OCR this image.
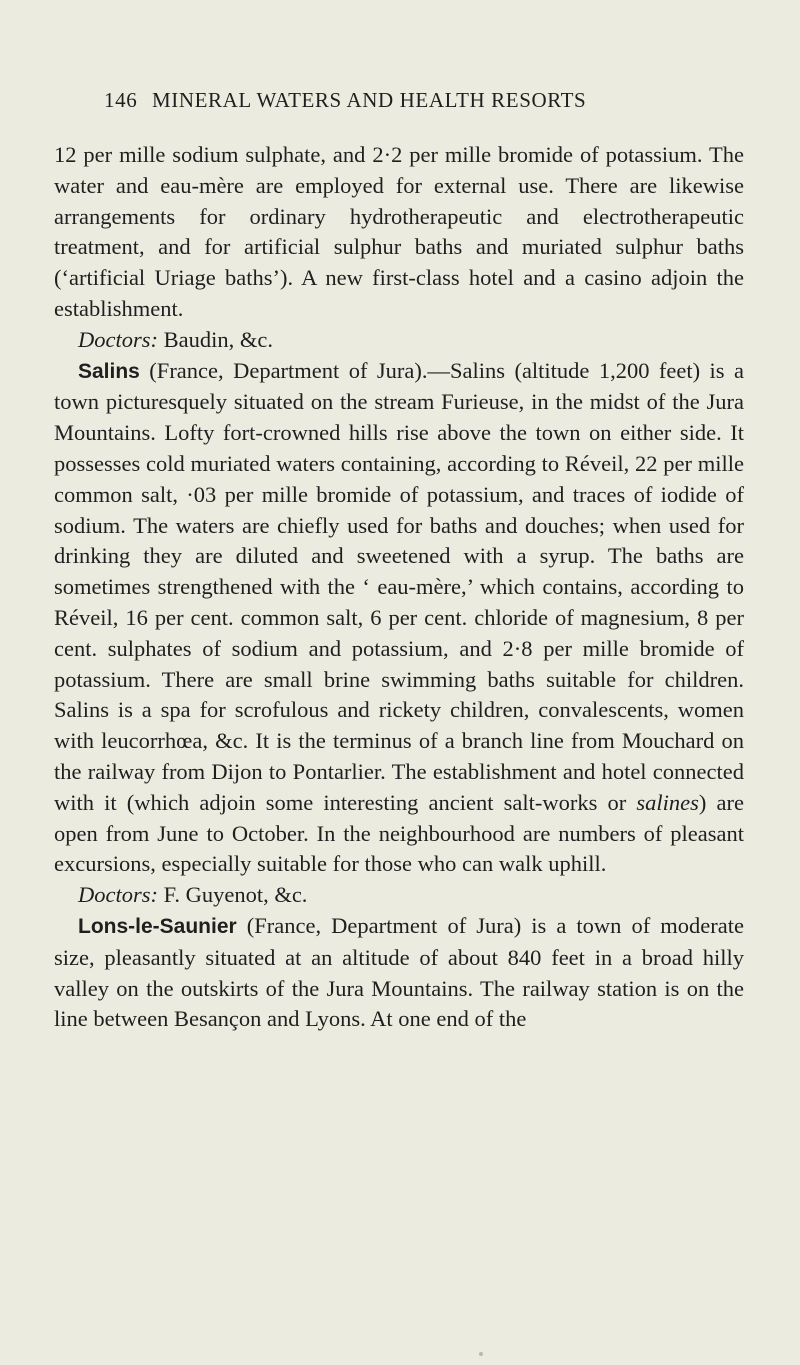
146 MINERAL WATERS AND HEALTH RESORTS

12 per mille sodium sulphate, and 2·2 per mille bromide of potassium. The water and eau-mère are employed for external use. There are likewise arrangements for ordinary hydrotherapeutic and electrotherapeutic treatment, and for artificial sulphur baths and muriated sulphur baths (‘artificial Uriage baths’). A new first-class hotel and a casino adjoin the establishment.

Doctors: Baudin, &c.

Salins (France, Department of Jura).—Salins (altitude 1,200 feet) is a town picturesquely situated on the stream Furieuse, in the midst of the Jura Mountains. Lofty fort-crowned hills rise above the town on either side. It possesses cold muriated waters containing, according to Réveil, 22 per mille common salt, ·03 per mille bromide of potassium, and traces of iodide of sodium. The waters are chiefly used for baths and douches; when used for drinking they are diluted and sweetened with a syrup. The baths are sometimes strengthened with the ‘ eau-mère,’ which contains, according to Réveil, 16 per cent. common salt, 6 per cent. chloride of magnesium, 8 per cent. sulphates of sodium and potassium, and 2·8 per mille bromide of potassium. There are small brine swimming baths suitable for children. Salins is a spa for scrofulous and rickety children, convalescents, women with leucorrhœa, &c. It is the terminus of a branch line from Mouchard on the railway from Dijon to Pontarlier. The establishment and hotel connected with it (which adjoin some interesting ancient salt-works or salines) are open from June to October. In the neighbourhood are numbers of pleasant excursions, especially suitable for those who can walk uphill.

Doctors: F. Guyenot, &c.

Lons-le-Saunier (France, Department of Jura) is a town of moderate size, pleasantly situated at an altitude of about 840 feet in a broad hilly valley on the outskirts of the Jura Mountains. The railway station is on the line between Besançon and Lyons. At one end of the
